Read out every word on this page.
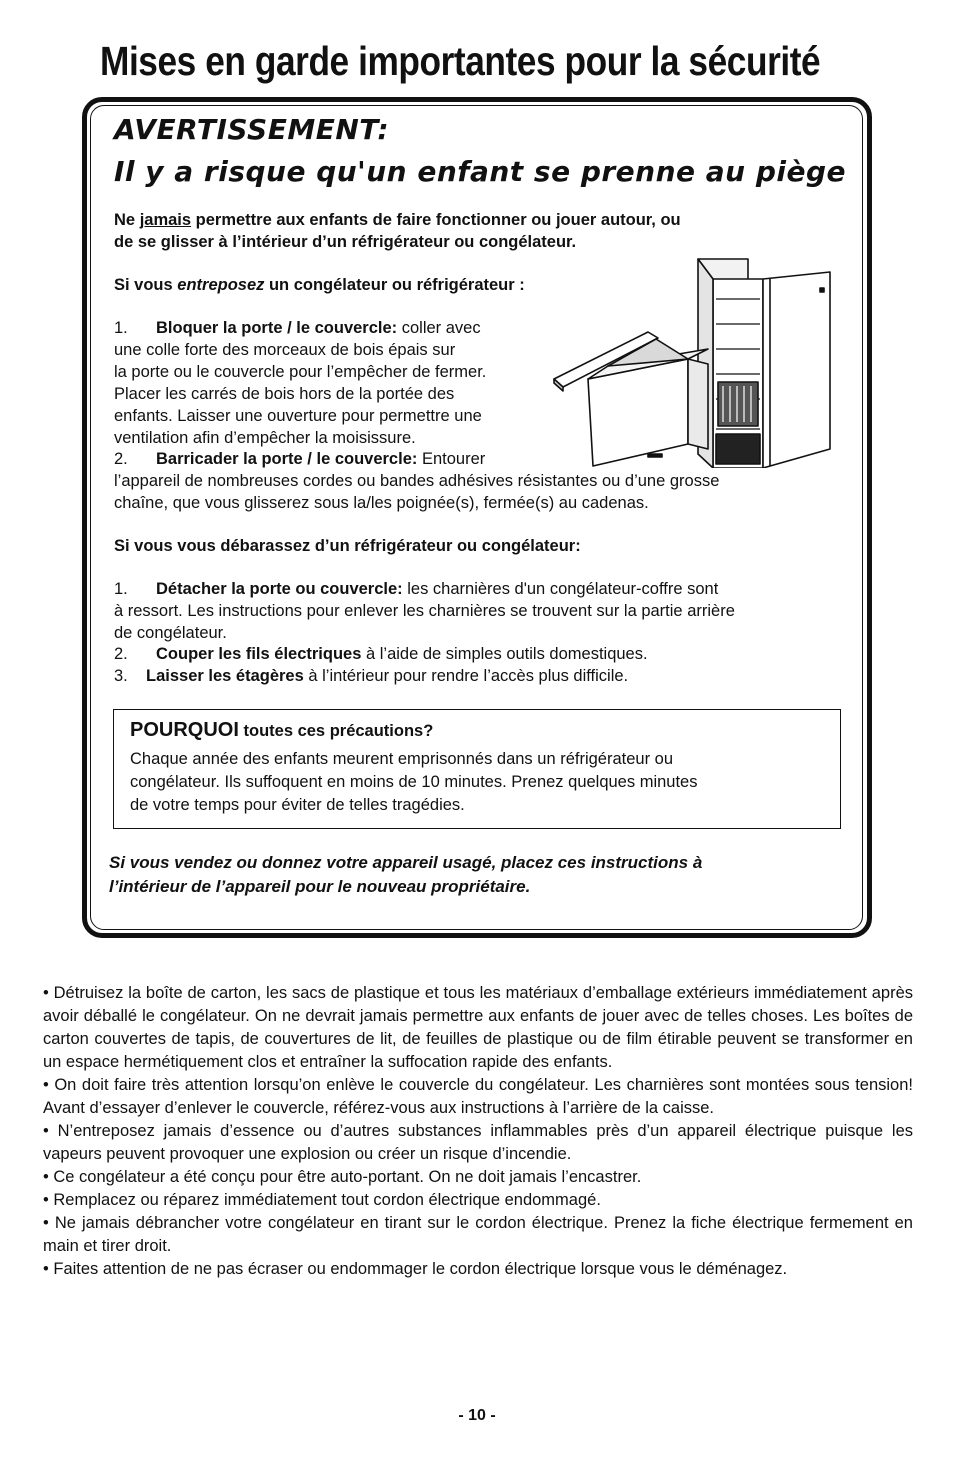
Mises en garde importantes pour la sécurité
AVERTISSEMENT:
Il y a risque qu'un enfant se prenne au piège

Ne jamais permettre aux enfants de faire fonctionner ou jouer autour, ou

de se glisser à l’intérieur d’un réfrigérateur ou congélateur.

Si vous entreposez un congélateur ou réfrigérateur :

1. Bloquer la porte / le couvercle: coller avec

une colle forte des morceaux de bois épais sur

la porte ou le couvercle pour l’empêcher de fermer.

Placer les carrés de bois hors de la portée des

enfants. Laisser une ouverture pour permettre une

ventilation afin d’empêcher la moisissure.

2. Barricader la porte / le couvercle: Entourer

l’appareil de nombreuses cordes ou bandes adhésives résistantes ou d’une grosse

chaîne, que vous glisserez sous la/les poignée(s), fermée(s) au cadenas.

Si vous vous débarassez d’un réfrigérateur ou congélateur:

1. Détacher la porte ou couvercle: les charnières d'un congélateur-coffre sont

à ressort. Les instructions pour enlever les charnières se trouvent sur la partie arrière

de congélateur.

2. Couper les fils électriques à l’aide de simples outils domestiques.

3. Laisser les étagères à l’intérieur pour rendre l’accès plus difficile.

POURQUOI toutes ces précautions?

Chaque année des enfants meurent emprisonnés dans un réfrigérateur ou

congélateur. Ils suffoquent en moins de 10 minutes. Prenez quelques minutes

de votre temps pour éviter de telles tragédies.

Si vous vendez ou donnez votre appareil usagé, placez ces instructions à

l’intérieur de l’appareil pour le nouveau propriétaire.

• Détruisez la boîte de carton, les sacs de plastique et tous les matériaux d’emballage extérieurs immédiatement après avoir déballé le congélateur. On ne devrait jamais permettre aux enfants de jouer avec de telles choses. Les boîtes de carton couvertes de tapis, de couvertures de lit, de feuilles de plastique ou de film étirable peuvent se transformer en un espace hermétiquement clos et entraîner la suffocation rapide des enfants.

• On doit faire très attention lorsqu’on enlève le couvercle du congélateur. Les charnières sont montées sous tension! Avant d’essayer d’enlever le couvercle, référez-vous aux instructions à l’arrière de la caisse.

• N’entreposez jamais d’essence ou d’autres substances inflammables près d’un appareil électrique puisque les vapeurs peuvent provoquer une explosion ou créer un risque d’incendie.

• Ce congélateur a été conçu pour être auto-portant. On ne doit jamais l’encastrer.

• Remplacez ou réparez immédiatement tout cordon électrique endommagé.

• Ne jamais débrancher votre congélateur en tirant sur le cordon électrique. Prenez la fiche électrique fermement en main et tirer droit.

• Faites attention de ne pas écraser ou endommager le cordon électrique lorsque vous le déménagez.

- 10 -
